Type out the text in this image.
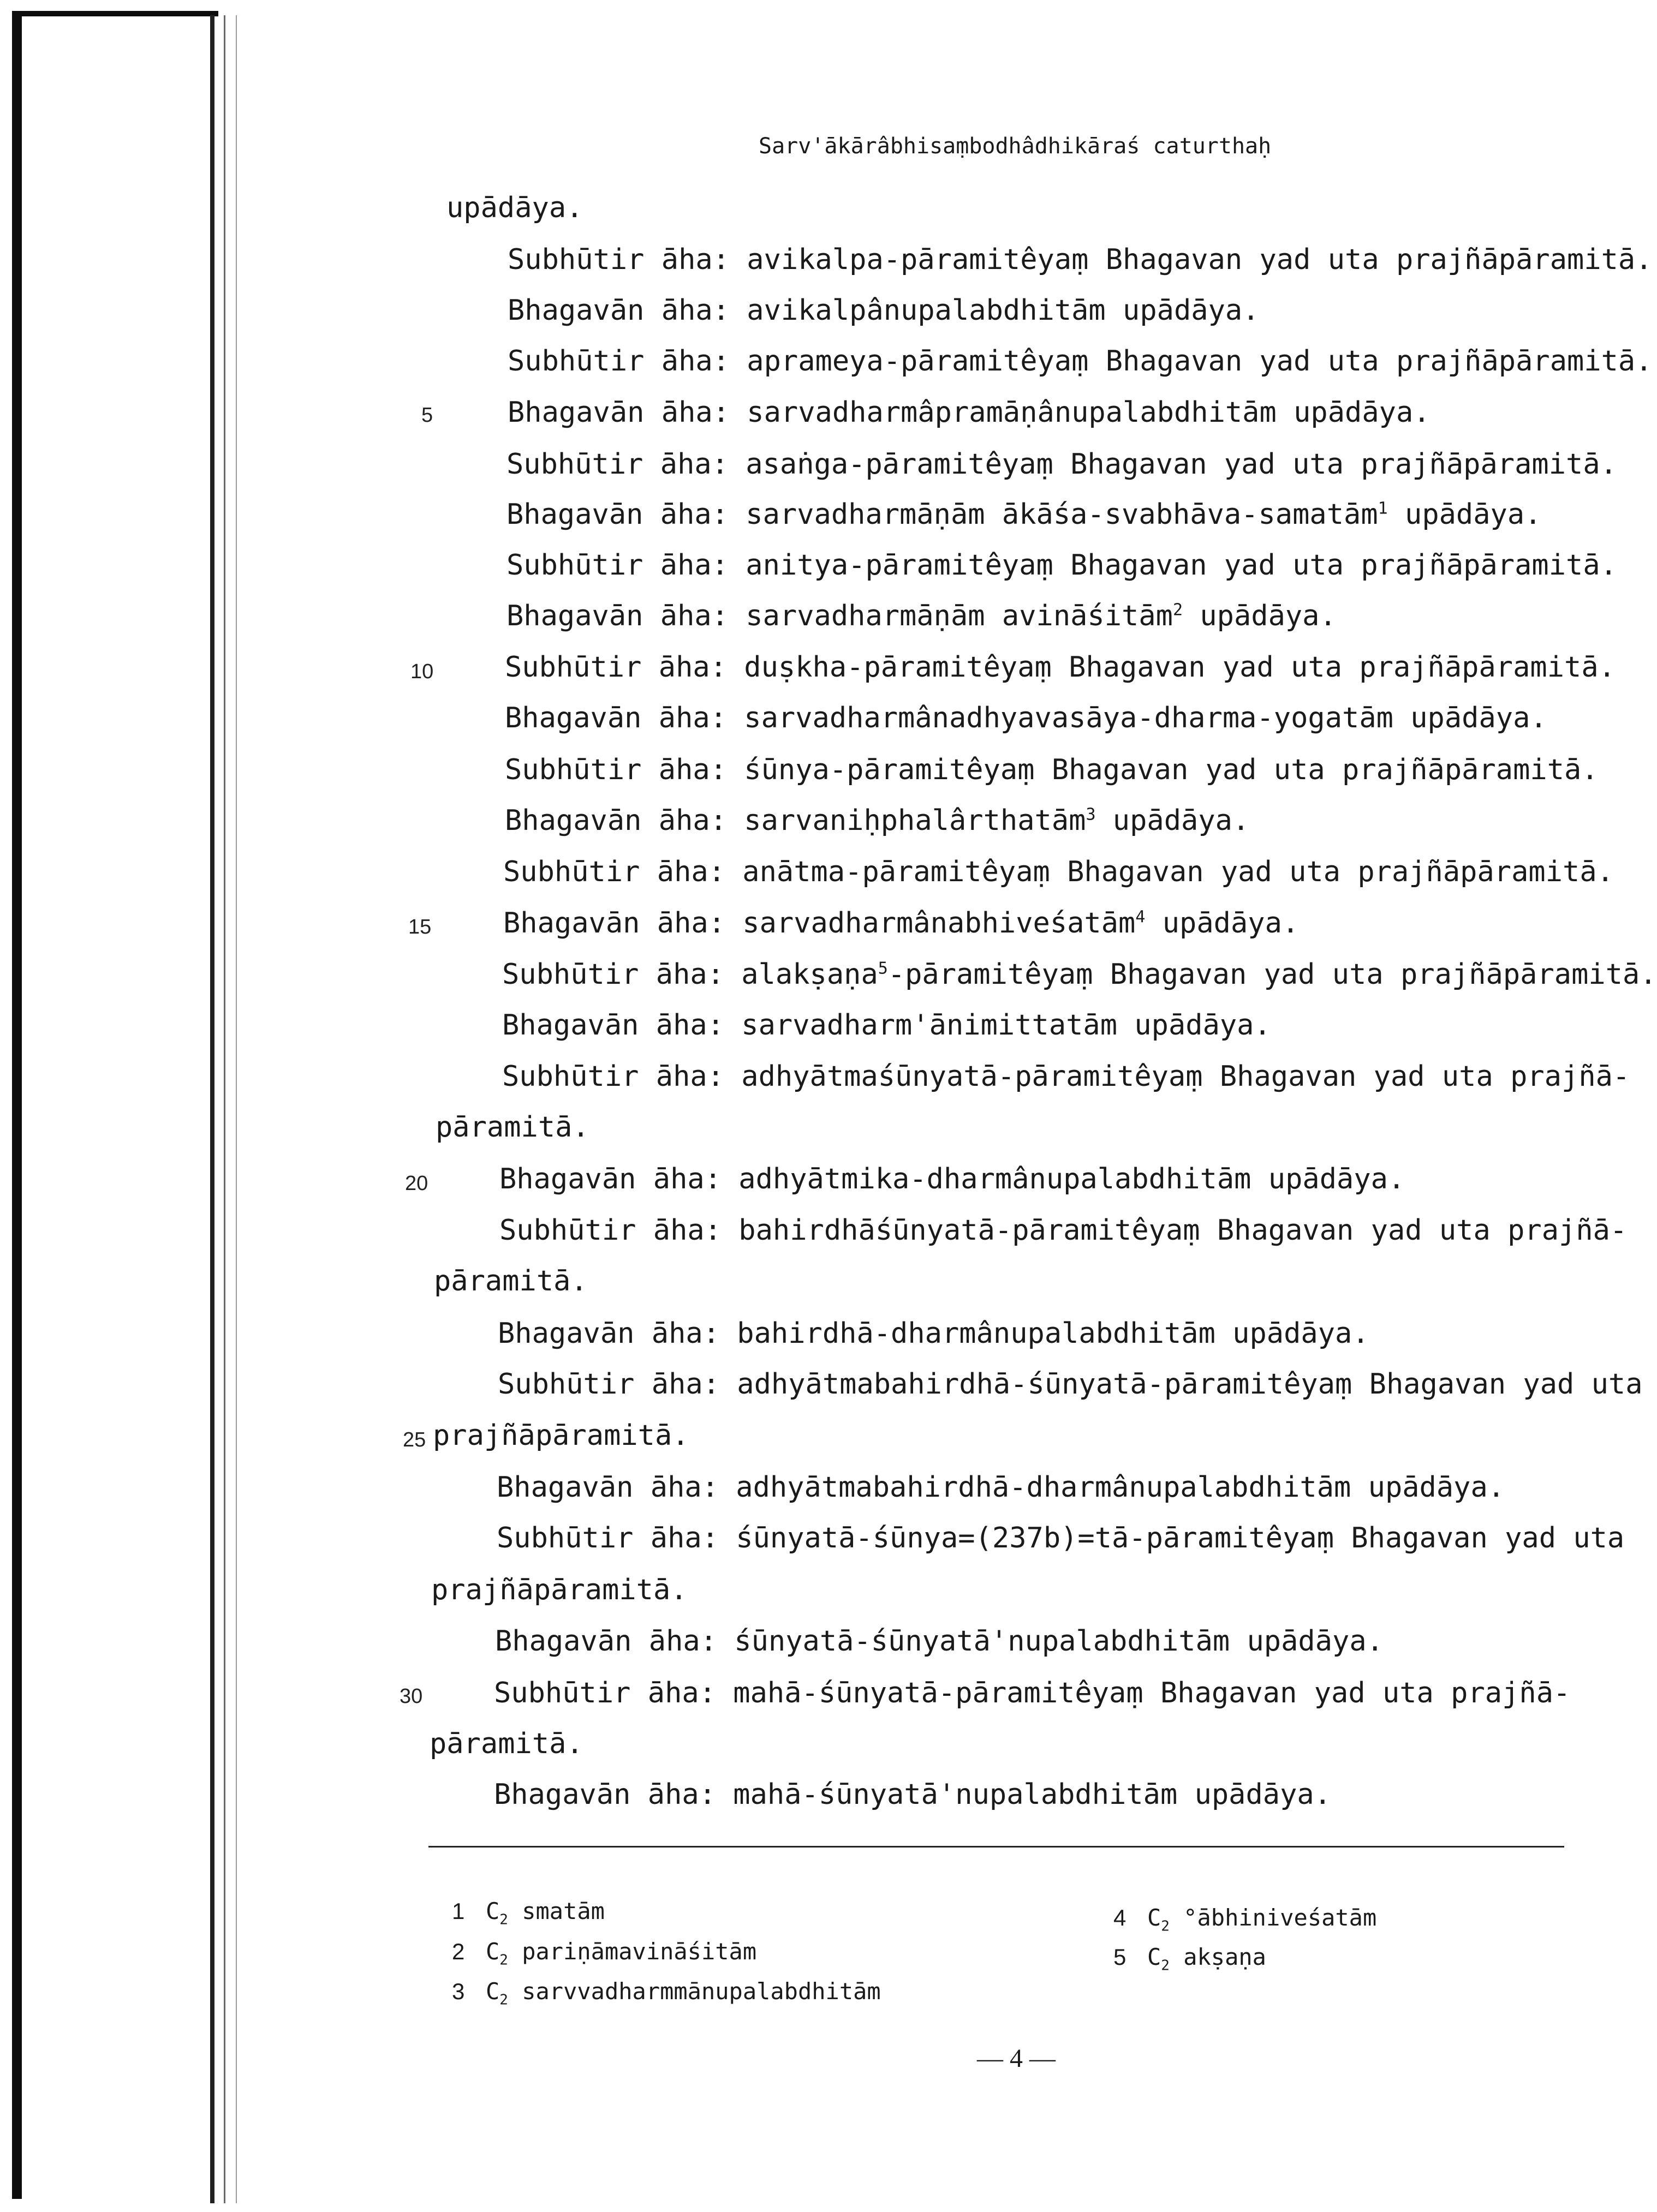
Sarv'ākārâbhisaṃbodhâdhikāraś caturthaḥ
upādāya.
Subhūtir āha: avikalpa-pāramitêyaṃ Bhagavan yad uta prajñāpāramitā.
Bhagavān āha: avikalpânupalabdhitām upādāya.
Subhūtir āha: aprameya-pāramitêyaṃ Bhagavan yad uta prajñāpāramitā.
Bhagavān āha: sarvadharmâpramāṇânupalabdhitām upādāya.
Subhūtir āha: asaṅga-pāramitêyaṃ Bhagavan yad uta prajñāpāramitā.
Bhagavān āha: sarvadharmāṇām ākāśa-svabhāva-samatām$^1$ upādāya.
Subhūtir āha: anitya-pāramitêyaṃ Bhagavan yad uta prajñāpāramitā.
Bhagavān āha: sarvadharmāṇām avināśitām$^2$ upādāya.
Subhūtir āha: duṣkha-pāramitêyaṃ Bhagavan yad uta prajñāpāramitā.
Bhagavān āha: sarvadharmânadhyavasāya-dharma-yogatām upādāya.
Subhūtir āha: śūnya-pāramitêyaṃ Bhagavan yad uta prajñāpāramitā.
Bhagavān āha: sarvaniḥphalârthatām$^3$ upādāya.
Subhūtir āha: anātma-pāramitêyaṃ Bhagavan yad uta prajñāpāramitā.
Bhagavān āha: sarvadharmânabhiveśatām$^4$ upādāya.
Subhūtir āha: alakṣaṇa$^5$-pāramitêyaṃ Bhagavan yad uta prajñāpāramitā.
Bhagavān āha: sarvadharm'ānimittatām upādāya.
Subhūtir āha: adhyātmaśūnyatā-pāramitêyaṃ Bhagavan yad uta prajñā-
pāramitā.
Bhagavān āha: adhyātmika-dharmânupalabdhitām upādāya.
Subhūtir āha: bahirdhāśūnyatā-pāramitêyaṃ Bhagavan yad uta prajñā-
pāramitā.
Bhagavān āha: bahirdhā-dharmânupalabdhitām upādāya.
Subhūtir āha: adhyātmabahirdhā-śūnyatā-pāramitêyaṃ Bhagavan yad uta
prajñāpāramitā.
Bhagavān āha: adhyātmabahirdhā-dharmânupalabdhitām upādāya.
Subhūtir āha: śūnyatā-śūnya=(237b)=tā-pāramitêyaṃ Bhagavan yad uta
prajñāpāramitā.
Bhagavān āha: śūnyatā-śūnyatā'nupalabdhitām upādāya.
Subhūtir āha: mahā-śūnyatā-pāramitêyaṃ Bhagavan yad uta prajñā-
pāramitā.
Bhagavān āha: mahā-śūnyatā'nupalabdhitām upādāya.
5
10
15
20
25
30
1 $C_2$ smatām
2 $C_2$ pariṇāmavināśitām
3 $C_2$ sarvvadharmmānupalabdhitām
4 $C_2$ °ābhiniveśatām
5 $C_2$ akṣaṇa
— 4 —
